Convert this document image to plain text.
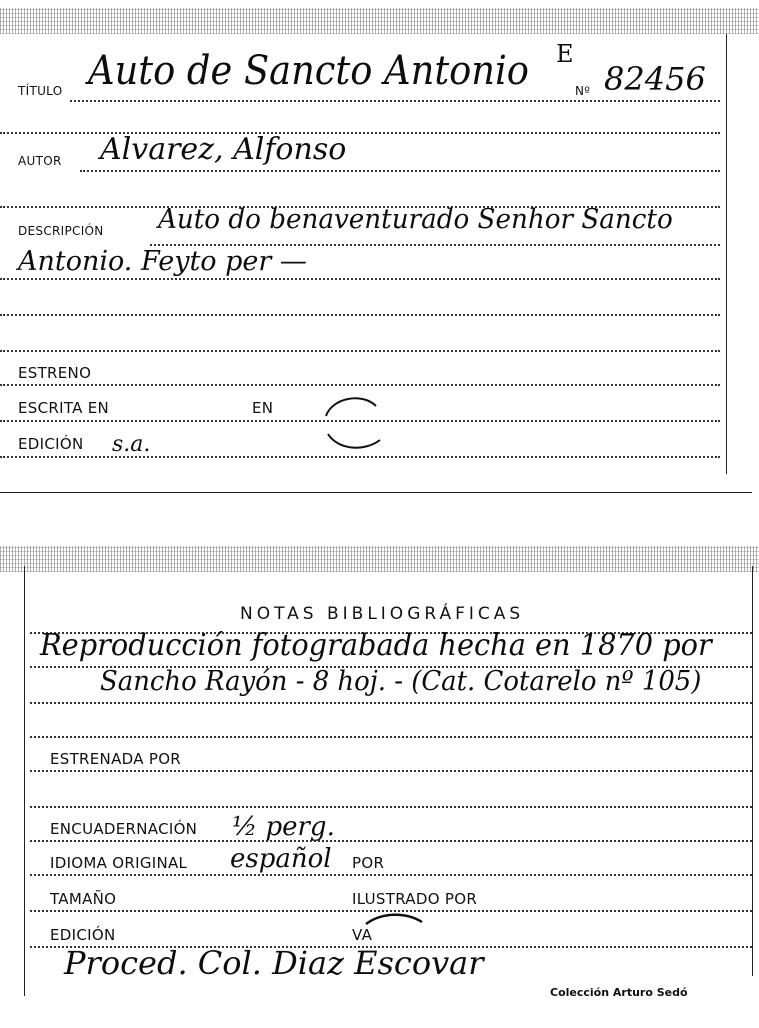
TÍTULO Auto de Sancto Antonio E
Nº 82456
AUTOR Alvarez, Alfonso
DESCRIPCIÓN Auto do benaventurado Senhor Sancto
Antonio. Feyto per —
ESTRENO
ESCRITA EN	EN
EDICIÓN s.a.
NOTAS BIBLIOGRÁFICAS
Reproducción fotograbada hecha en 1870 por
Sancho Rayón - 8 hoj. - (Cat. Cotarelo nº 105)
ESTRENADA POR
ENCUADERNACIÓN ½ perg.
IDIOMA ORIGINAL español POR
TAMAÑO	ILUSTRADO POR
EDICIÓN	VA
Proced. Col. Diaz Escovar
Colección Arturo Sedó
